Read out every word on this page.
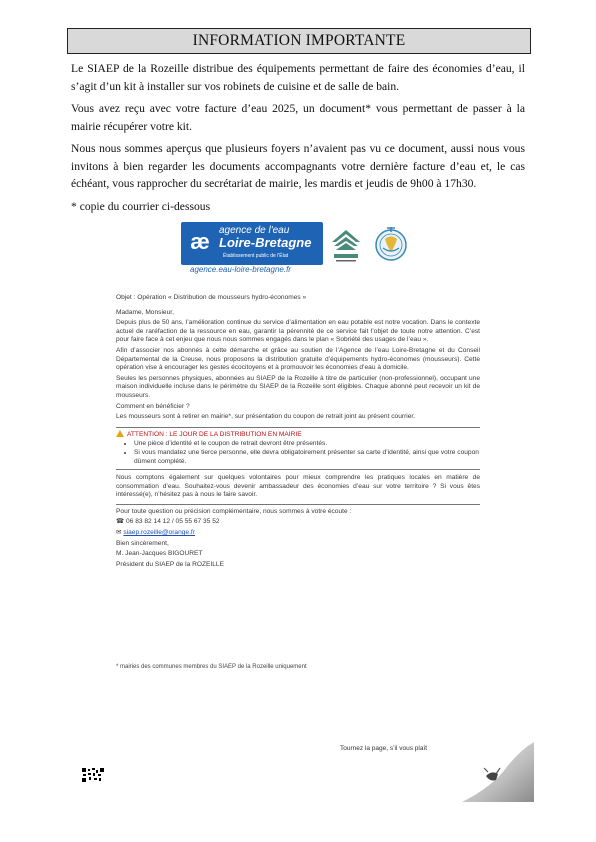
INFORMATION IMPORTANTE

Le SIAEP de la Rozeille distribue des équipements permettant de faire des économies d’eau, il s’agit d’un kit à installer sur vos robinets de cuisine et de salle de bain.

Vous avez reçu avec votre facture d’eau 2025, un document* vous permettant de passer à la mairie récupérer votre kit.

Nous nous sommes aperçus que plusieurs foyers n’avaient pas vu ce document, aussi nous vous invitons à bien regarder les documents accompagnants votre dernière facture d’eau et, le cas échéant, vous rapprocher du secrétariat de mairie, les mardis et jeudis de 9h00 à 17h30.

* copie du courrier ci-dessous

æ agence de l'eau
Loire-Bretagne
Établissement public de l'État
agence.eau-loire-bretagne.fr

Objet : Opération « Distribution de mousseurs hydro-économes »

Madame, Monsieur,

Depuis plus de 50 ans, l’amélioration continue du service d’alimentation en eau potable est notre vocation. Dans le contexte actuel de raréfaction de la ressource en eau, garantir la pérennité de ce service fait l’objet de toute notre attention. C’est pour faire face à cet enjeu que nous nous sommes engagés dans le plan « Sobriété des usages de l’eau ».

Afin d’associer nos abonnés à cette démarche et grâce au soutien de l’Agence de l’eau Loire-Bretagne et du Conseil Départemental de la Creuse, nous proposons la distribution gratuite d’équipements hydro-économes (mousseurs). Cette opération vise à encourager les gestes écocitoyens et à promouvoir les économies d’eau à domicile.

Seules les personnes physiques, abonnées au SIAEP de la Rozeille à titre de particulier (non-professionnel), occupant une maison individuelle incluse dans le périmètre du SIAEP de la Rozeille sont éligibles. Chaque abonné peut recevoir un kit de mousseurs.

Comment en bénéficier ?

Les mousseurs sont à retirer en mairie*, sur présentation du coupon de retrait joint au présent courrier.

ATTENTION : LE JOUR DE LA DISTRIBUTION EN MAIRIE
• Une pièce d’identité et le coupon de retrait devront être présentés.
• Si vous mandatez une tierce personne, elle devra obligatoirement présenter sa carte d’identité, ainsi que votre coupon dûment complété.

Nous comptons également sur quelques volontaires pour mieux comprendre les pratiques locales en matière de consommation d’eau. Souhaitez-vous devenir ambassadeur des économies d’eau sur votre territoire ? Si vous êtes intéressé(e), n’hésitez pas à nous le faire savoir.

Pour toute question ou précision complémentaire, nous sommes à votre écoute :

☎ 06 83 82 14 12 / 05 55 67 35 52

✉ siaep.rozeille@orange.fr

Bien sincèrement,

M. Jean-Jacques BIGOURET

Président du SIAEP de la ROZEILLE

* mairies des communes membres du SIAEP de la Rozeille uniquement
Tournez la page, s’il vous plaît
